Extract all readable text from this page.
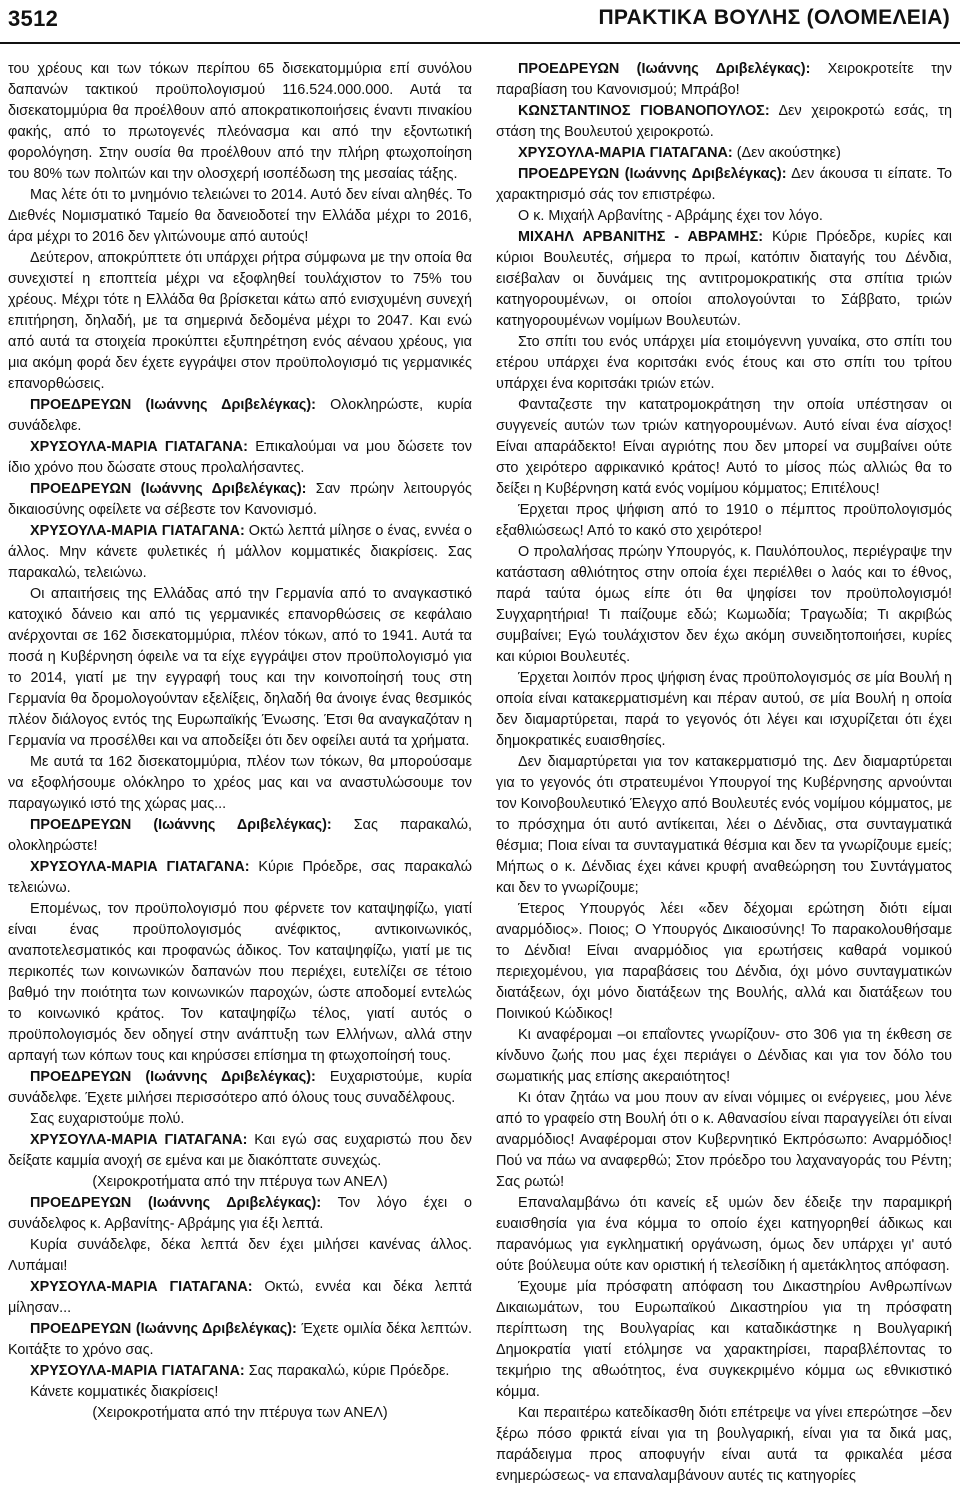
3512	ΠΡΑΚΤΙΚΑ ΒΟΥΛΗΣ (ΟΛΟΜΕΛΕΙΑ)

του χρέους και των τόκων περίπου 65 δισεκατομμύρια επί συνόλου δαπανών τακτικού προϋπολογισμού 116.524.000.000. Αυτά τα δισεκατομμύρια θα προέλθουν από αποκρατικοποιήσεις έναντι πινακίου φακής, από το πρωτογενές πλεόνασμα και από την εξοντωτική φορολόγηση. Στην ουσία θα προέλθουν από την πλήρη φτωχοποίηση του 80% των πολιτών και την ολοσχερή ισοπέδωση της μεσαίας τάξης.

Μας λέτε ότι το μνημόνιο τελειώνει το 2014. Αυτό δεν είναι αληθές. Το Διεθνές Νομισματικό Ταμείο θα δανειοδοτεί την Ελλάδα μέχρι το 2016, άρα μέχρι το 2016 δεν γλιτώνουμε από αυτούς!

Δεύτερον, αποκρύπτετε ότι υπάρχει ρήτρα σύμφωνα με την οποία θα συνεχιστεί η εποπτεία μέχρι να εξοφληθεί τουλάχιστον το 75% του χρέους. Μέχρι τότε η Ελλάδα θα βρίσκεται κάτω από ενισχυμένη συνεχή επιτήρηση, δηλαδή, με τα σημερινά δεδομένα μέχρι το 2047. Και ενώ από αυτά τα στοιχεία προκύπτει εξυπηρέτηση ενός αέναου χρέους, για μια ακόμη φορά δεν έχετε εγγράψει στον προϋπολογισμό τις γερμανικές επανορθώσεις.

ΠΡΟΕΔΡΕΥΩΝ (Ιωάννης Δριβελέγκας): Ολοκληρώστε, κυρία συνάδελφε.

ΧΡΥΣΟΥΛΑ-ΜΑΡΙΑ ΓΙΑΤΑΓΑΝΑ: Επικαλούμαι να μου δώσετε τον ίδιο χρόνο που δώσατε στους προλαλήσαντες.

ΠΡΟΕΔΡΕΥΩΝ (Ιωάννης Δριβελέγκας): Σαν πρώην λειτουργός δικαιοσύνης οφείλετε να σέβεστε τον Κανονισμό.

ΧΡΥΣΟΥΛΑ-ΜΑΡΙΑ ΓΙΑΤΑΓΑΝΑ: Οκτώ λεπτά μίλησε ο ένας, εννέα ο άλλος. Μην κάνετε φυλετικές ή μάλλον κομματικές διακρίσεις. Σας παρακαλώ, τελειώνω.

Οι απαιτήσεις της Ελλάδας από την Γερμανία από το αναγκαστικό κατοχικό δάνειο και από τις γερμανικές επανορθώσεις σε κεφάλαιο ανέρχονται σε 162 δισεκατομμύρια, πλέον τόκων, από το 1941. Αυτά τα ποσά η Κυβέρνηση όφειλε να τα είχε εγγράψει στον προϋπολογισμό για το 2014, γιατί με την εγγραφή τους και την κοινοποίησή τους στη Γερμανία θα δρομολογούνταν εξελίξεις, δηλαδή θα άνοιγε ένας θεσμικός πλέον διάλογος εντός της Ευρωπαϊκής Ένωσης. Έτσι θα αναγκαζόταν η Γερμανία να προσέλθει και να αποδείξει ότι δεν οφείλει αυτά τα χρήματα.

Με αυτά τα 162 δισεκατομμύρια, πλέον των τόκων, θα μπορούσαμε να εξοφλήσουμε ολόκληρο το χρέος μας και να αναστυλώσουμε τον παραγωγικό ιστό της χώρας μας...

ΠΡΟΕΔΡΕΥΩΝ (Ιωάννης Δριβελέγκας): Σας παρακαλώ, ολοκληρώστε!

ΧΡΥΣΟΥΛΑ-ΜΑΡΙΑ ΓΙΑΤΑΓΑΝΑ: Κύριε Πρόεδρε, σας παρακαλώ τελειώνω.

Επομένως, τον προϋπολογισμό που φέρνετε τον καταψηφίζω, γιατί είναι ένας προϋπολογισμός ανέφικτος, αντικοινωνικός, αναποτελεσματικός και προφανώς άδικος. Τον καταψηφίζω, γιατί με τις περικοπές των κοινωνικών δαπανών που περιέχει, ευτελίζει σε τέτοιο βαθμό την ποιότητα των κοινωνικών παροχών, ώστε αποδομεί εντελώς το κοινωνικό κράτος. Τον καταψηφίζω τέλος, γιατί αυτός ο προϋπολογισμός δεν οδηγεί στην ανάπτυξη των Ελλήνων, αλλά στην αρπαγή των κόπων τους και κηρύσσει επίσημα τη φτωχοποίησή τους.

ΠΡΟΕΔΡΕΥΩΝ (Ιωάννης Δριβελέγκας): Ευχαριστούμε, κυρία συνάδελφε. Έχετε μιλήσει περισσότερο από όλους τους συναδέλφους.

Σας ευχαριστούμε πολύ.

ΧΡΥΣΟΥΛΑ-ΜΑΡΙΑ ΓΙΑΤΑΓΑΝΑ: Και εγώ σας ευχαριστώ που δεν δείξατε καμμία ανοχή σε εμένα και με διακόπτατε συνεχώς.

(Χειροκροτήματα από την πτέρυγα των ΑΝΕΛ)

ΠΡΟΕΔΡΕΥΩΝ (Ιωάννης Δριβελέγκας): Τον λόγο έχει ο συνάδελφος κ. Αρβανίτης- Αβράμης για έξι λεπτά.

Κυρία συνάδελφε, δέκα λεπτά δεν έχει μιλήσει κανένας άλλος. Λυπάμαι!

ΧΡΥΣΟΥΛΑ-ΜΑΡΙΑ ΓΙΑΤΑΓΑΝΑ: Οκτώ, εννέα και δέκα λεπτά μίλησαν...

ΠΡΟΕΔΡΕΥΩΝ (Ιωάννης Δριβελέγκας): Έχετε ομιλία δέκα λεπτών. Κοιτάξτε το χρόνο σας.

ΧΡΥΣΟΥΛΑ-ΜΑΡΙΑ ΓΙΑΤΑΓΑΝΑ: Σας παρακαλώ, κύριε Πρόεδρε.

Κάνετε κομματικές διακρίσεις!

(Χειροκροτήματα από την πτέρυγα των ΑΝΕΛ)

ΠΡΟΕΔΡΕΥΩΝ (Ιωάννης Δριβελέγκας): Χειροκροτείτε την παραβίαση του Κανονισμού; Μπράβο!

ΚΩΝΣΤΑΝΤΙΝΟΣ ΓΙΟΒΑΝΟΠΟΥΛΟΣ: Δεν χειροκροτώ εσάς, τη στάση της Βουλευτού χειροκροτώ.

ΧΡΥΣΟΥΛΑ-ΜΑΡΙΑ ΓΙΑΤΑΓΑΝΑ: (Δεν ακούστηκε)

ΠΡΟΕΔΡΕΥΩΝ (Ιωάννης Δριβελέγκας): Δεν άκουσα τι είπατε. Το χαρακτηρισμό σάς τον επιστρέφω.

Ο κ. Μιχαήλ Αρβανίτης - Αβράμης έχει τον λόγο.

ΜΙΧΑΗΛ ΑΡΒΑΝΙΤΗΣ - ΑΒΡΑΜΗΣ: Κύριε Πρόεδρε, κυρίες και κύριοι Βουλευτές, σήμερα το πρωί, κατόπιν διαταγής του Δένδια, εισέβαλαν οι δυνάμεις της αντιτρομοκρατικής στα σπίτια τριών κατηγορουμένων, οι οποίοι απολογούνται το Σάββατο, τριών κατηγορουμένων νομίμων Βουλευτών.

Στο σπίτι του ενός υπάρχει μία ετοιμόγεννη γυναίκα, στο σπίτι του ετέρου υπάρχει ένα κοριτσάκι ενός έτους και στο σπίτι του τρίτου υπάρχει ένα κοριτσάκι τριών ετών.

Φανταζεστε την κατατρομοκράτηση την οποία υπέστησαν οι συγγενείς αυτών των τριών κατηγορουμένων. Αυτό είναι ένα αίσχος! Είναι απαράδεκτο! Είναι αγριότης που δεν μπορεί να συμβαίνει ούτε στο χειρότερο αφρικανικό κράτος! Αυτό το μίσος πώς αλλιώς θα το δείξει η Κυβέρνηση κατά ενός νομίμου κόμματος; Επιτέλους!

Έρχεται προς ψήφιση από το 1910 ο πέμπτος προϋπολογισμός εξαθλιώσεως! Από το κακό στο χειρότερο!

Ο προλαλήσας πρώην Υπουργός, κ. Παυλόπουλος, περιέγραψε την κατάσταση αθλιότητος στην οποία έχει περιέλθει ο λαός και το έθνος, παρά ταύτα όμως είπε ότι θα ψηφίσει τον προϋπολογισμό! Συγχαρητήρια! Τι παίζουμε εδώ; Κωμωδία; Τραγωδία; Τι ακριβώς συμβαίνει; Εγώ τουλάχιστον δεν έχω ακόμη συνειδητοποιήσει, κυρίες και κύριοι Βουλευτές.

Έρχεται λοιπόν προς ψήφιση ένας προϋπολογισμός σε μία Βουλή η οποία είναι κατακερματισμένη και πέραν αυτού, σε μία Βουλή η οποία δεν διαμαρτύρεται, παρά το γεγονός ότι λέγει και ισχυρίζεται ότι έχει δημοκρατικές ευαισθησίες.

Δεν διαμαρτύρεται για τον κατακερματισμό της. Δεν διαμαρτύρεται για το γεγονός ότι στρατευμένοι Υπουργοί της Κυβέρνησης αρνούνται τον Κοινοβουλευτικό Έλεγχο από Βουλευτές ενός νομίμου κόμματος, με το πρόσχημα ότι αυτό αντίκειται, λέει ο Δένδιας, στα συνταγματικά θέσμια; Ποια είναι τα συνταγματικά θέσμια και δεν τα γνωρίζουμε εμείς; Μήπως ο κ. Δένδιας έχει κάνει κρυφή αναθεώρηση του Συντάγματος και δεν το γνωρίζουμε;

Έτερος Υπουργός λέει «δεν δέχομαι ερώτηση διότι είμαι αναρμόδιος». Ποιος; Ο Υπουργός Δικαιοσύνης! Το παρακολουθήσαμε το Δένδια! Είναι αναρμόδιος για ερωτήσεις καθαρά νομικού περιεχομένου, για παραβάσεις του Δένδια, όχι μόνο συνταγματικών διατάξεων, όχι μόνο διατάξεων της Βουλής, αλλά και διατάξεων του Ποινικού Κώδικος!

Κι αναφέρομαι –οι επαΐοντες γνωρίζουν- στο 306 για τη έκθεση σε κίνδυνο ζωής που μας έχει περιάγει ο Δένδιας και για τον δόλο του σωματικής μας επίσης ακεραιότητος!

Κι όταν ζητάω να μου πουν αν είναι νόμιμες οι ενέργειες, μου λένε από το γραφείο στη Βουλή ότι ο κ. Αθανασίου είναι παραγγείλει ότι είναι αναρμόδιος! Αναφέρομαι στον Κυβερνητικό Εκπρόσωπο: Αναρμόδιος! Πού να πάω να αναφερθώ; Στον πρόεδρο του λαχαναγοράς του Ρέντη; Σας ρωτώ!

Επαναλαμβάνω ότι κανείς εξ υμών δεν έδειξε την παραμικρή ευαισθησία για ένα κόμμα το οποίο έχει κατηγορηθεί άδικως και παρανόμως για εγκληματική οργάνωση, όμως δεν υπάρχει γι' αυτό ούτε βούλευμα ούτε καν οριστική ή τελεσίδικη ή αμετάκλητος απόφαση.

Έχουμε μία πρόσφατη απόφαση του Δικαστηρίου Ανθρωπίνων Δικαιωμάτων, του Ευρωπαϊκού Δικαστηρίου για τη πρόσφατη περίπτωση της Βουλγαρίας και καταδικάστηκε η Βουλγαρική Δημοκρατία γιατί ετόλμησε να χαρακτηρίσει, παραβλέποντας το τεκμήριο της αθωότητος, ένα συγκεκριμένο κόμμα ως εθνικιστικό κόμμα.

Και περαιτέρω κατεδίκασθη διότι επέτρεψε να γίνει επερώτησε –δεν ξέρω πόσο φρικτά είναι για τη βουλγαρική, είναι για τα δικά μας, παράδειγμα προς αποφυγήν είναι αυτά τα φρικαλέα μέσα ενημερώσεως- να επαναλαμβάνουν αυτές τις κατηγορίες
